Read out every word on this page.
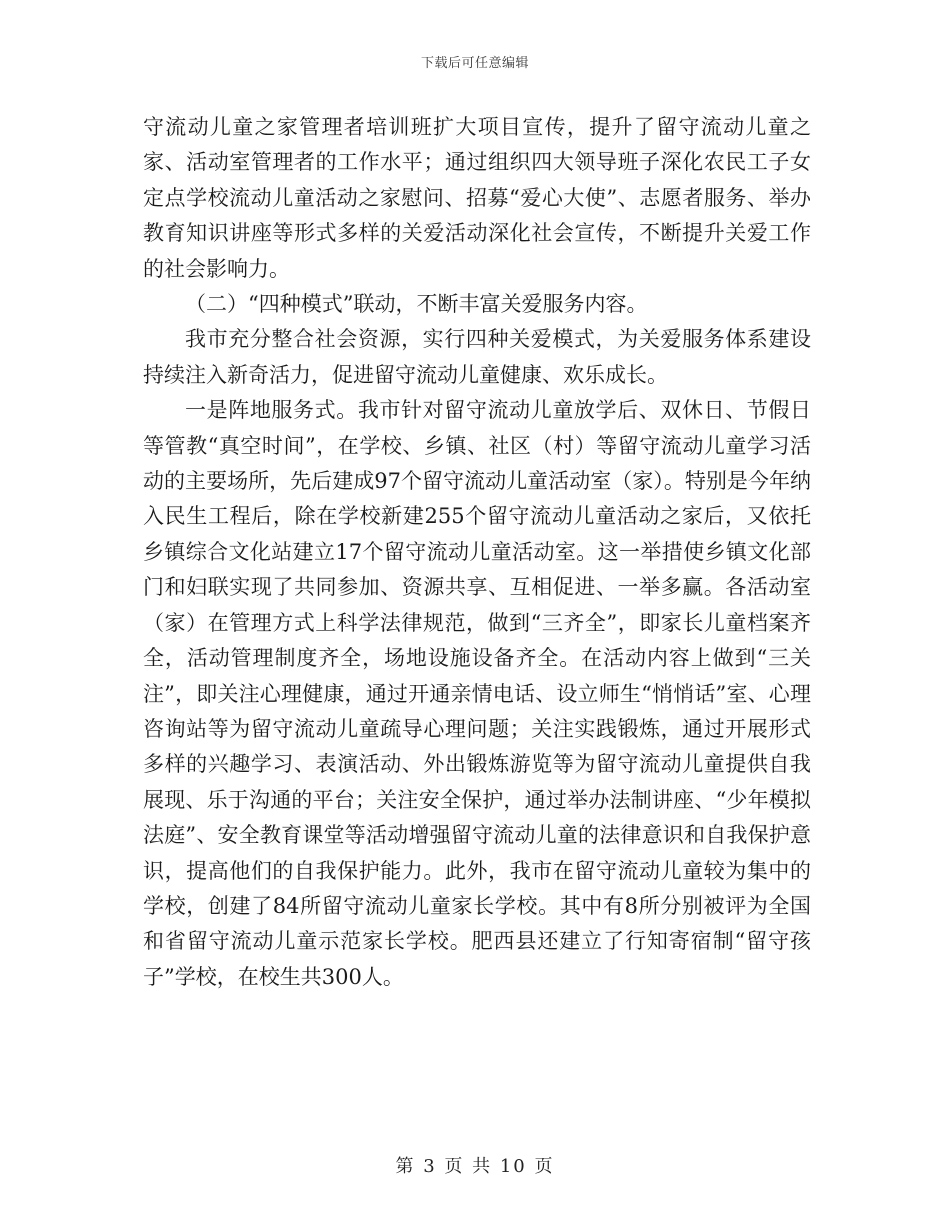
下载后可任意编辑

守流动儿童之家管理者培训班扩大项目宣传，提升了留守流动儿童之家、活动室管理者的工作水平；通过组织四大领导班子深化农民工子女定点学校流动儿童活动之家慰问、招募“爱心大使”、志愿者服务、举办教育知识讲座等形式多样的关爱活动深化社会宣传，不断提升关爱工作的社会影响力。

（二）“四种模式”联动，不断丰富关爱服务内容。

我市充分整合社会资源，实行四种关爱模式，为关爱服务体系建设持续注入新奇活力，促进留守流动儿童健康、欢乐成长。

一是阵地服务式。我市针对留守流动儿童放学后、双休日、节假日等管教“真空时间”，在学校、乡镇、社区（村）等留守流动儿童学习活动的主要场所，先后建成97个留守流动儿童活动室（家）。特别是今年纳入民生工程后，除在学校新建255个留守流动儿童活动之家后，又依托乡镇综合文化站建立17个留守流动儿童活动室。这一举措使乡镇文化部门和妇联实现了共同参加、资源共享、互相促进、一举多赢。各活动室（家）在管理方式上科学法律规范，做到“三齐全”，即家长儿童档案齐全，活动管理制度齐全，场地设施设备齐全。在活动内容上做到“三关注”，即关注心理健康，通过开通亲情电话、设立师生“悄悄话”室、心理咨询站等为留守流动儿童疏导心理问题；关注实践锻炼，通过开展形式多样的兴趣学习、表演活动、外出锻炼游览等为留守流动儿童提供自我展现、乐于沟通的平台；关注安全保护，通过举办法制讲座、“少年模拟法庭”、安全教育课堂等活动增强留守流动儿童的法律意识和自我保护意识，提高他们的自我保护能力。此外，我市在留守流动儿童较为集中的学校，创建了84所留守流动儿童家长学校。其中有8所分别被评为全国和省留守流动儿童示范家长学校。肥西县还建立了行知寄宿制“留守孩子”学校，在校生共300人。

第 3 页 共 10 页
